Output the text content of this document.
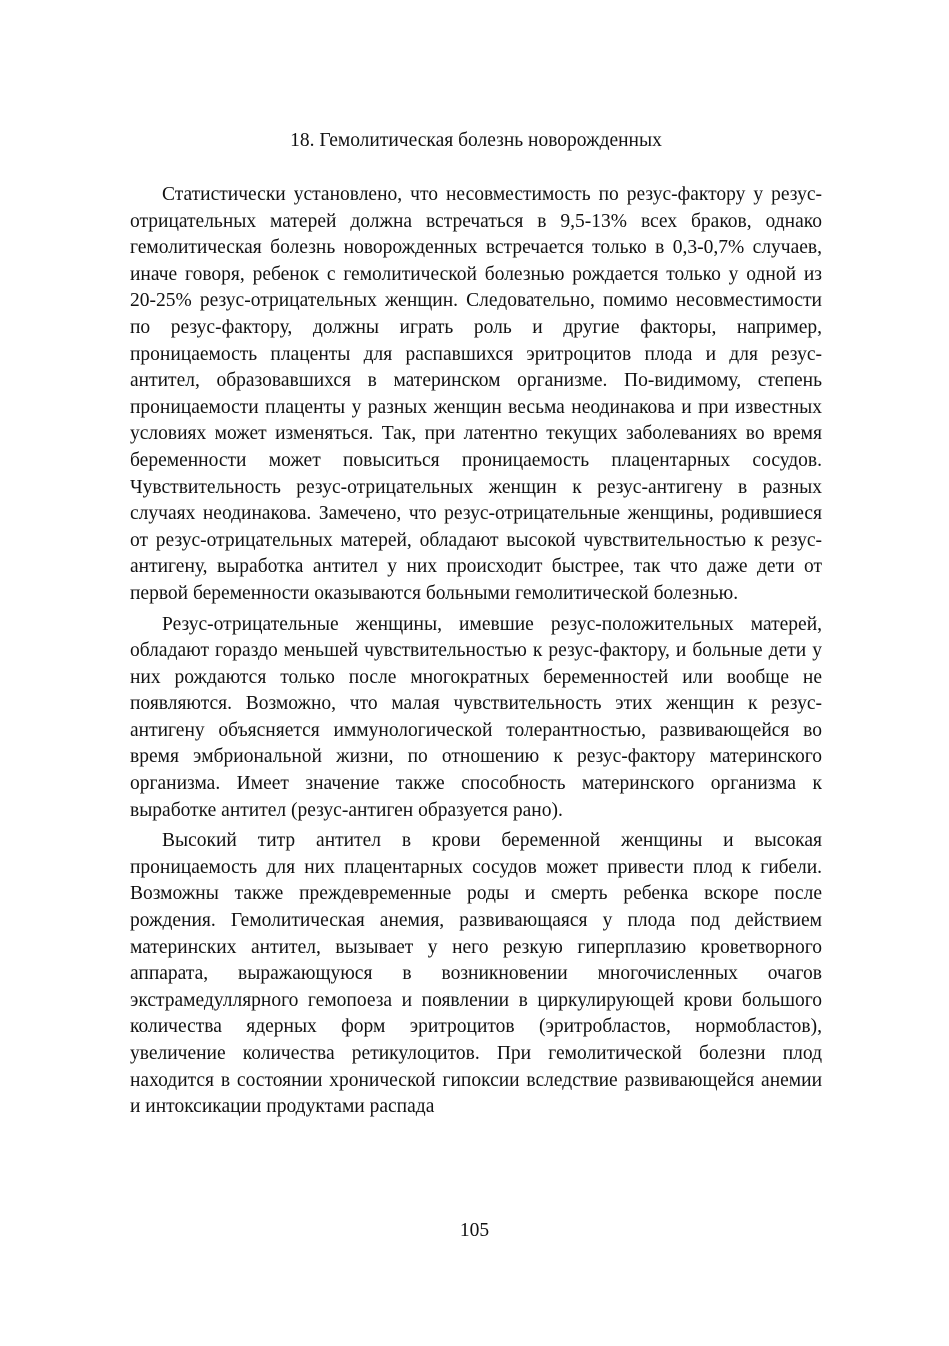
18. Гемолитическая болезнь новорожденных

Статистически установлено, что несовместимость по резус-фактору у резус-отрицательных матерей должна встречаться в 9,5-13% всех браков, однако гемолитическая болезнь новорожденных встречается только в 0,3-0,7% случаев, иначе говоря, ребенок с гемолитической болезнью рождается только у одной из 20-25% резус-отрицательных женщин. Следовательно, помимо несовместимости по резус-фактору, должны играть роль и другие факторы, например, проницаемость плаценты для распавшихся эритроцитов плода и для резус-антител, образовавшихся в материнском организме. По-видимому, степень проницаемости плаценты у разных женщин весьма неодинакова и при известных условиях может изменяться. Так, при латентно текущих заболеваниях во время беременности может повыситься проницаемость плацентарных сосудов. Чувствительность резус-отрицательных женщин к резус-антигену в разных случаях неодинакова. Замечено, что резус-отрицательные женщины, родившиеся от резус-отрицательных матерей, обладают высокой чувствительностью к резус-антигену, выработка антител у них происходит быстрее, так что даже дети от первой беременности оказываются больными гемолитической болезнью.

Резус-отрицательные женщины, имевшие резус-положительных матерей, обладают гораздо меньшей чувствительностью к резус-фактору, и больные дети у них рождаются только после многократных беременностей или вообще не появляются. Возможно, что малая чувствительность этих женщин к резус-антигену объясняется иммунологической толерантностью, развивающейся во время эмбриональной жизни, по отношению к резус-фактору материнского организма. Имеет значение также способность материнского организма к выработке антител (резус-антиген образуется рано).

Высокий титр антител в крови беременной женщины и высокая проницаемость для них плацентарных сосудов может привести плод к гибели. Возможны также преждевременные роды и смерть ребенка вскоре после рождения. Гемолитическая анемия, развивающаяся у плода под действием материнских антител, вызывает у него резкую гиперплазию кроветворного аппарата, выражающуюся в возникновении многочисленных очагов экстрамедуллярного гемопоеза и появлении в циркулирующей крови большого количества ядерных форм эритроцитов (эритробластов, нормобластов), увеличение количества ретикулоцитов. При гемолитической болезни плод находится в состоянии хронической гипоксии вследствие развивающейся анемии и интоксикации продуктами распада

105
